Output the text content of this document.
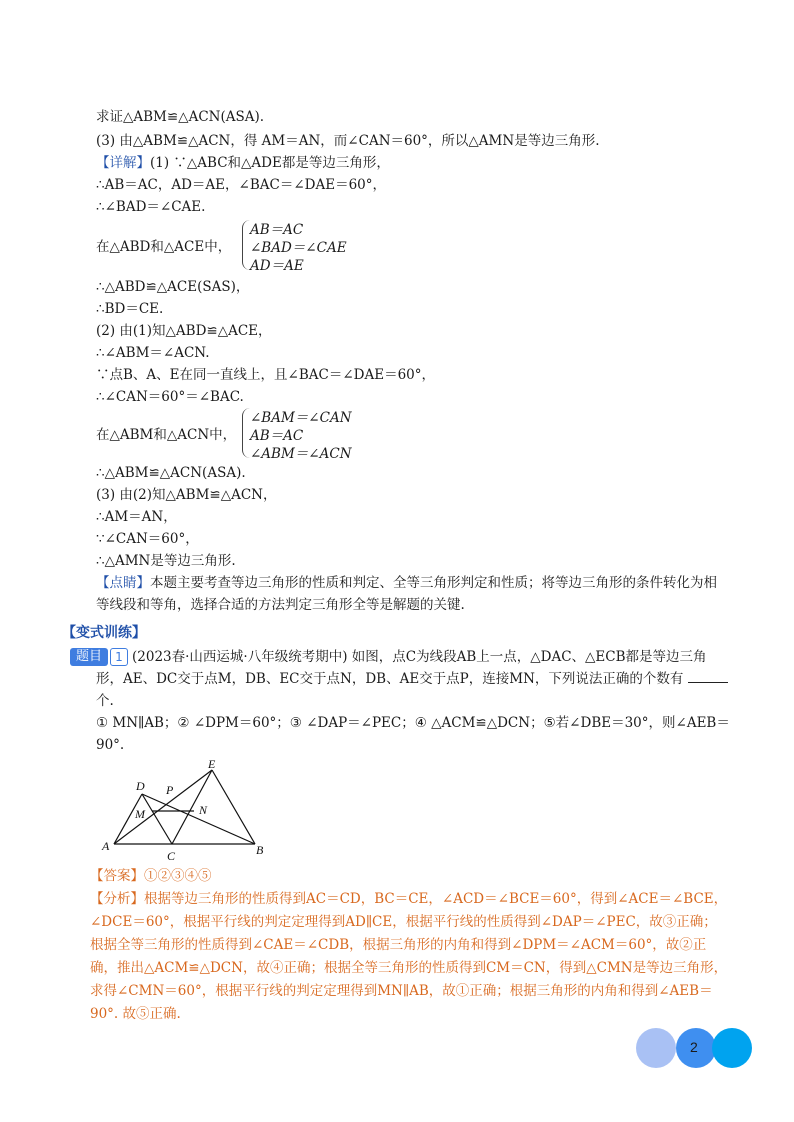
求证△ABM≌△ACN(ASA).
(3) 由△ABM≌△ACN，得 AM＝AN，而∠CAN＝60°，所以△AMN是等边三角形.
【详解】(1) ∵△ABC和△ADE都是等边三角形，
∴AB＝AC，AD＝AE，∠BAC＝∠DAE＝60°，
∴∠BAD＝∠CAE.
在△ABD和△ACE中，
AB＝AC
∠BAD＝∠CAE
AD＝AE
∴△ABD≌△ACE(SAS)，
∴BD＝CE.
(2) 由(1)知△ABD≌△ACE，
∴∠ABM＝∠ACN.
∵点B、A、E在同一直线上，且∠BAC＝∠DAE＝60°，
∴∠CAN＝60°＝∠BAC.
在△ABM和△ACN中，
∠BAM＝∠CAN
AB＝AC
∠ABM＝∠ACN
∴△ABM≌△ACN(ASA).
(3) 由(2)知△ABM≌△ACN，
∴AM＝AN，
∵∠CAN＝60°，
∴△AMN是等边三角形.
【点睛】本题主要考查等边三角形的性质和判定、全等三角形判定和性质；将等边三角形的条件转化为相
等线段和等角，选择合适的方法判定三角形全等是解题的关键.
【变式训练】
题目	1 (2023春·山西运城·八年级统考期中) 如图，点C为线段AB上一点，△DAC、△ECB都是等边三角
形，AE、DC交于点M，DB、EC交于点N，DB、AE交于点P，连接MN，下列说法正确的个数有
个.
① MN∥AB；② ∠DPM＝60°；③ ∠DAP＝∠PEC；④ △ACM≌△DCN；⑤若∠DBE＝30°，则∠AEB＝
90°.
D
E
P
M	N
A
C	B
【答案】①②③④⑤
【分析】根据等边三角形的性质得到AC＝CD，BC＝CE，∠ACD＝∠BCE＝60°，得到∠ACE＝∠BCE，
∠DCE＝60°，根据平行线的判定定理得到AD∥CE，根据平行线的性质得到∠DAP＝∠PEC，故③正确；
根据全等三角形的性质得到∠CAE＝∠CDB，根据三角形的内角和得到∠DPM＝∠ACM＝60°，故②正
确，推出△ACM≌△DCN，故④正确；根据全等三角形的性质得到CM＝CN，得到△CMN是等边三角形，
求得∠CMN＝60°，根据平行线的判定定理得到MN∥AB，故①正确；根据三角形的内角和得到∠AEB＝
90°. 故⑤正确.
2
